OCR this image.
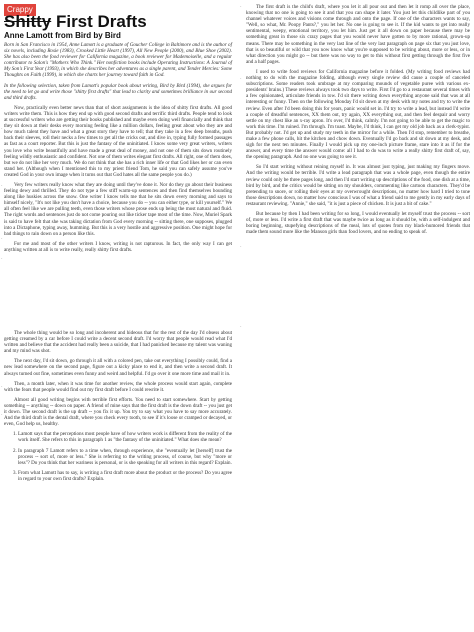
Crappy
Shitty First Drafts
Anne Lamott from Bird by Bird

Born in San Francisco in 1954, Anne Lamott is a graduate of Goucher College in Baltimore and is the author of six novels, including Rosie (1983), Crooked Little Heart (1997), All New People (2000), and Blue Shoe (2002). She has also been the food reviewer for California magazine, a book reviewer for Mademoiselle, and a regular contributor to Salon's "Mothers Who Think." Her nonfiction books include Operating Instructions: A Journal of My Son's First Year (1993), in which she describes her adventures as a single parent, and Tender Mercies: Some Thoughts on Faith (1999), in which she charts her journey toward faith in God.

In the following selection, taken from Lamott's popular book about writing, Bird by Bird (1994), she argues for the need to let go and write those "shitty first drafts" that lead to clarity and sometimes brilliance in our second and third drafts.

Now, practically even better news than that of short assignments is the idea of shitty first drafts. All good writers write them. This is how they end up with good second drafts and terrific third drafts. People tend to look at successful writers who are getting their books published and maybe even doing well financially and think that they sit down at their desks every morning feeling like a million dollars, feeling great about who they are and how much talent they have and what a great story they have to tell; that they take in a few deep breaths, push back their sleeves, roll their necks a few times to get all the cricks out, and dive in, typing fully formed passages as fast as a court reporter. But this is just the fantasy of the uninitiated. I know some very great writers, writers you love who write beautifully and have made a great deal of money, and not one of them sits down routinely feeling wildly enthusiastic and confident. Not one of them writes elegant first drafts. All right, one of them does, but we do not like her very much. We do not think that she has a rich inner life or that God likes her or can even stand her. (Although when I mentioned this to my priest friend Tom, he said you can safely assume you've created God in your own image when it turns out that God hates all the same people you do.)

Very few writers really know what they are doing until they've done it. Nor do they go about their business feeling dewy and thrilled. They do not type a few stiff warm-up sentences and then find themselves bounding along like huskies across the snow. One writer I know tells me that he sits down every morning and says to himself nicely, "It's not like you don't have a choice, because you do -- you can either type, or kill yourself." We all often feel like we are pulling teeth, even those writers whose prose ends up being the most natural and fluid. The right words and sentences just do not come pouring out like ticker tape most of the time. Now, Muriel Spark is said to have felt that she was taking dictation from God every morning -- sitting there, one supposes, plugged into a Dictaphone, typing away, humming. But this is a very hostile and aggressive position. One might hope for bad things to rain down on a person like this.

For me and most of the other writers I know, writing is not rapturous. In fact, the only way I can get anything written at all is to write really, really shitty first drafts.

The whole thing would be so long and incoherent and hideous that for the rest of the day I'd obsess about getting creamed by a car before I could write a decent second draft. I'd worry that people would read what I'd written and believe that the accident had really been a suicide, that I had panicked because my talent was waning and my mind was shot.

The next day, I'd sit down, go through it all with a colored pen, take out everything I possibly could, find a new lead somewhere on the second page, figure out a kicky place to end it, and then write a second draft. It always turned out fine, sometimes even funny and weird and helpful. I'd go over it one more time and mail it in.

Then, a month later, when it was time for another review, the whole process would start again, complete with the fears that people would find out my first draft before I could rewrite it.

Almost all good writing begins with terrible first efforts. You need to start somewhere. Start by getting something -- anything -- down on paper. A friend of mine says that the first draft is the down draft -- you just get it down. The second draft is the up draft -- you fix it up. You try to say what you have to say more accurately. And the third draft is the dental draft, where you check every tooth, to see if it's loose or cramped or decayed, or even, God help us, healthy.

1. Lamott says that the perceptions most people have of how writers work is different from the reality of the work itself. She refers to this in paragraph 1 as "the fantasy of the uninitiated." What does she mean?
2. In paragraph 7 Lamott refers to a time when, through experience, she "eventually let [herself] trust the process -- sort of, more or less." She is referring to the writing process, of course, but why "more or less"? Do you think that her wariness is personal, or is she speaking for all writers in this regard? Explain.
3. From what Lamott has to say, is writing a first draft more about the product or the process? Do you agree in regard to your own first drafts? Explain.

The first draft is the child's draft, where you let it all pour out and then let it romp all over the place, knowing that no one is going to see it and that you can shape it later. You just let this childlike part of you channel whatever voices and visions come through and onto the page. If one of the characters wants to say, "Well, so what, Mr. Poopy Pants?," you let her. No one is going to see it. If the kid wants to get into really sentimental, weepy, emotional territory, you let him. Just get it all down on paper because there may be something great in those six crazy pages that you would never have gotten to by more rational, grown-up means. There may be something in the very last line of the very last paragraph on page six that you just love, that is so beautiful or wild that you now know what you're supposed to be writing about, more or less, or in what direction you might go -- but there was no way to get to this without first getting through the first five and a half pages.

I used to write food reviews for California magazine before it folded. (My writing food reviews had nothing to do with the magazine folding, although every single review did cause a couple of canceled subscriptions. Some readers took umbrage at my comparing mounds of vegetable puree with various ex-presidents' brains.) These reviews always took two days to write. First I'd go to a restaurant several times with a few opinionated, articulate friends in tow. I'd sit there writing down everything anyone said that was at all interesting or funny. Then on the following Monday I'd sit down at my desk with my notes and try to write the review. Even after I'd been doing this for years, panic would set in. I'd try to write a lead, but instead I'd write a couple of dreadful sentences, XX them out, try again, XX everything out, and then feel despair and worry settle on my chest like an x-ray apron. It's over, I'd think, calmly. I'm not going to be able to get the magic to work this time. I'm ruined. I'm through. I'm toast. Maybe, I'd think, I can get my old job back as a clerk-typist. But probably not. I'd get up and study my teeth in the mirror for a while. Then I'd stop, remember to breathe, make a few phone calls, hit the kitchen and chow down. Eventually I'd go back and sit down at my desk, and sigh for the next ten minutes. Finally I would pick up my one-inch picture frame, stare into it as if for the answer, and every time the answer would come: all I had to do was to write a really shitty first draft of, say, the opening paragraph. And no one was going to see it.

So I'd start writing without reining myself in. It was almost just typing, just making my fingers move. And the writing would be terrible. I'd write a lead paragraph that was a whole page, even though the entire review could only be three pages long, and then I'd start writing up descriptions of the food, one dish at a time, bird by bird, and the critics would be sitting on my shoulders, commenting like cartoon characters. They'd be pretending to snore, or rolling their eyes at my overwrought descriptions, no matter how hard I tried to tone those descriptions down, no matter how conscious I was of what a friend said to me gently in my early days of restaurant reviewing. "Annie," she said, "it is just a piece of chicken. It is just a bit of cake."

But because by then I had been writing for so long, I would eventually let myself trust the process -- sort of, more or less. I'd write a first draft that was maybe twice as long as it should be, with a self-indulgent and boring beginning, stupefying descriptions of the meal, lots of quotes from my black-humored friends that made them sound more like the Manson girls than food lovers, and no ending to speak of.

·
·
·
·
·
·
·
·
·
·
